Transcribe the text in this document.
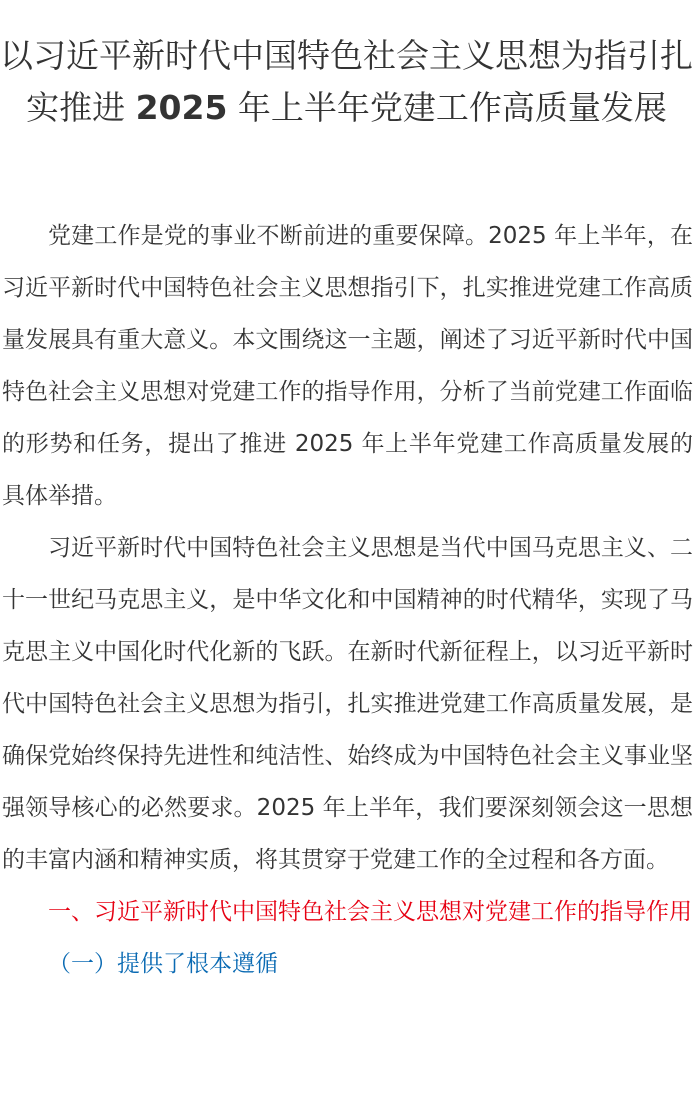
以习近平新时代中国特色社会主义思想为指引扎实推进 2025 年上半年党建工作高质量发展

党建工作是党的事业不断前进的重要保障。2025 年上半年，在习近平新时代中国特色社会主义思想指引下，扎实推进党建工作高质量发展具有重大意义。本文围绕这一主题，阐述了习近平新时代中国特色社会主义思想对党建工作的指导作用，分析了当前党建工作面临的形势和任务，提出了推进 2025 年上半年党建工作高质量发展的具体举措。

习近平新时代中国特色社会主义思想是当代中国马克思主义、二十一世纪马克思主义，是中华文化和中国精神的时代精华，实现了马克思主义中国化时代化新的飞跃。在新时代新征程上，以习近平新时代中国特色社会主义思想为指引，扎实推进党建工作高质量发展，是确保党始终保持先进性和纯洁性、始终成为中国特色社会主义事业坚强领导核心的必然要求。2025 年上半年，我们要深刻领会这一思想的丰富内涵和精神实质，将其贯穿于党建工作的全过程和各方面。

一、习近平新时代中国特色社会主义思想对党建工作的指导作用

（一）提供了根本遵循
